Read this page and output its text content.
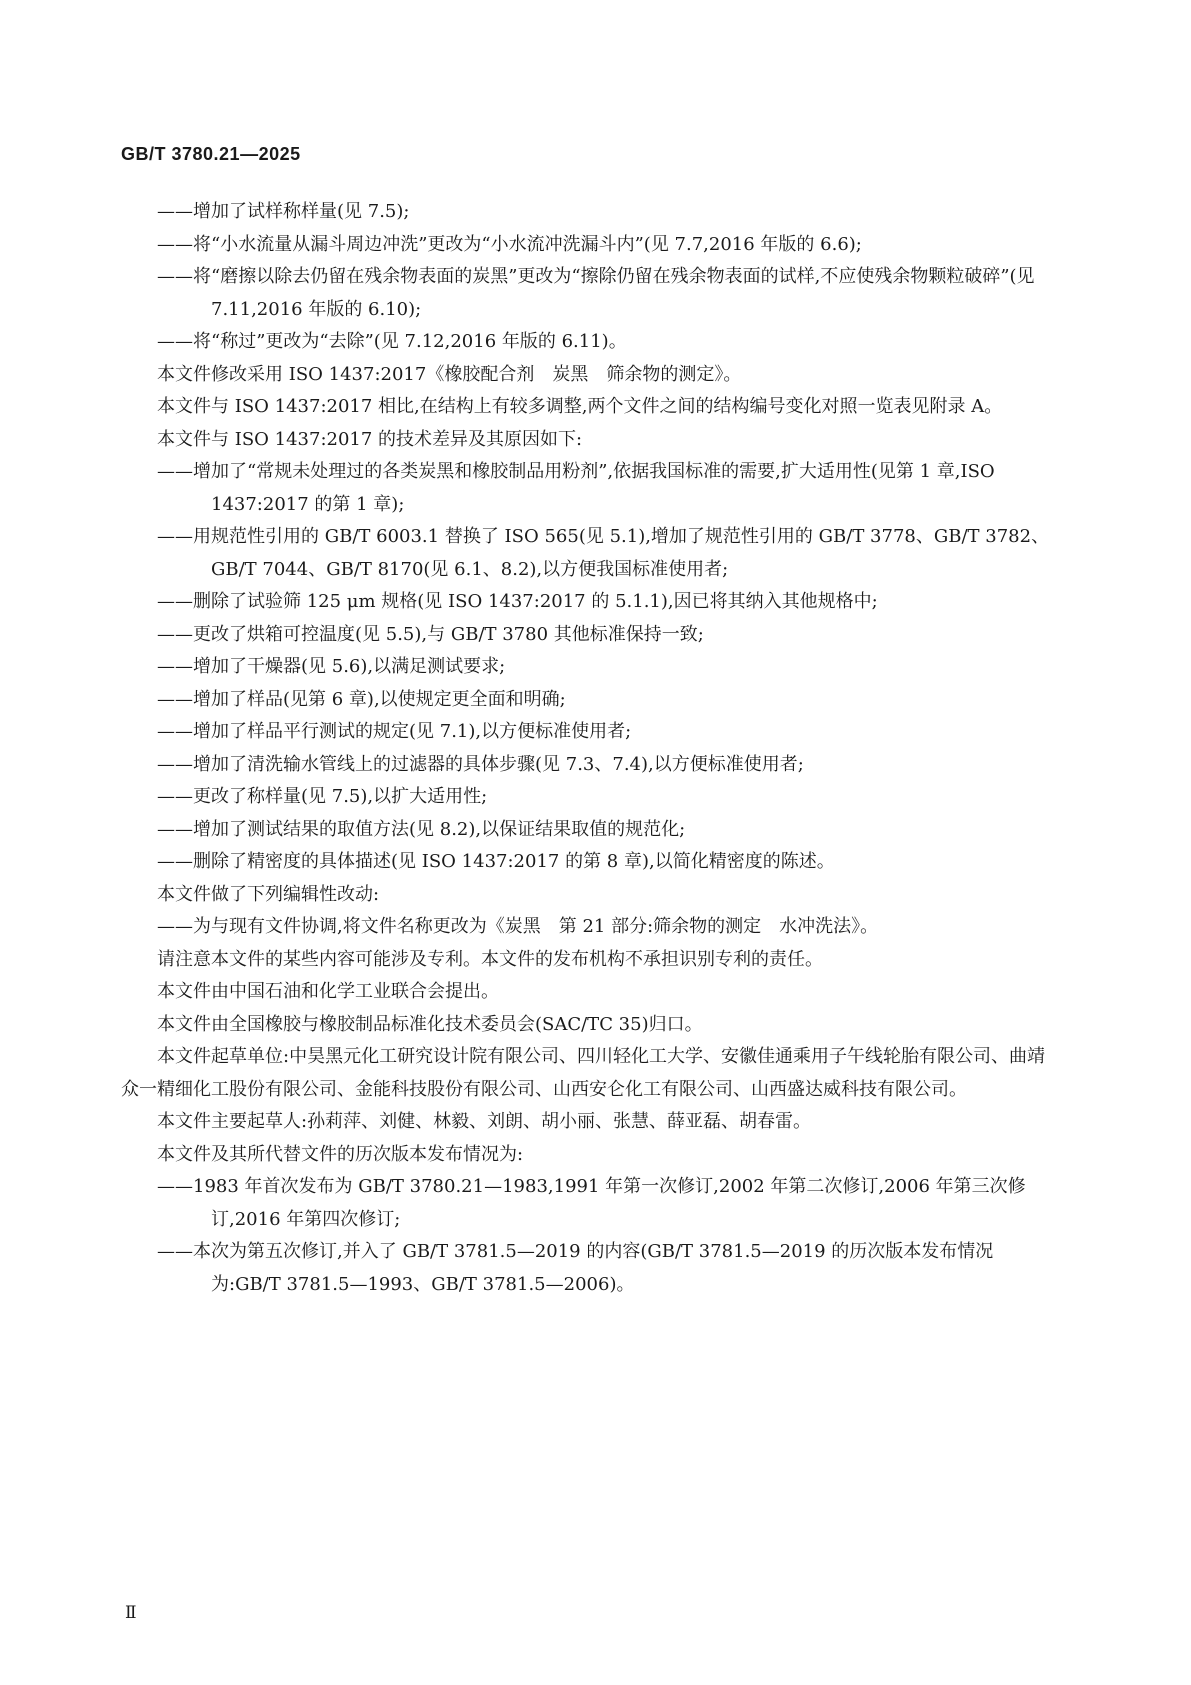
GB/T 3780.21—2025

——增加了试样称样量(见 7.5);

——将“小水流量从漏斗周边冲洗”更改为“小水流冲洗漏斗内”(见 7.7,2016 年版的 6.6);

——将“磨擦以除去仍留在残余物表面的炭黑”更改为“擦除仍留在残余物表面的试样,不应使残余物颗粒破碎”(见 7.11,2016 年版的 6.10);

——将“称过”更改为“去除”(见 7.12,2016 年版的 6.11)。

本文件修改采用 ISO 1437:2017《橡胶配合剂　炭黑　筛余物的测定》。

本文件与 ISO 1437:2017 相比,在结构上有较多调整,两个文件之间的结构编号变化对照一览表见附录 A。

本文件与 ISO 1437:2017 的技术差异及其原因如下:

——增加了“常规未处理过的各类炭黑和橡胶制品用粉剂”,依据我国标准的需要,扩大适用性(见第 1 章,ISO 1437:2017 的第 1 章);

——用规范性引用的 GB/T 6003.1 替换了 ISO 565(见 5.1),增加了规范性引用的 GB/T 3778、GB/T 3782、GB/T 7044、GB/T 8170(见 6.1、8.2),以方便我国标准使用者;

——删除了试验筛 125 μm 规格(见 ISO 1437:2017 的 5.1.1),因已将其纳入其他规格中;

——更改了烘箱可控温度(见 5.5),与 GB/T 3780 其他标准保持一致;

——增加了干燥器(见 5.6),以满足测试要求;

——增加了样品(见第 6 章),以使规定更全面和明确;

——增加了样品平行测试的规定(见 7.1),以方便标准使用者;

——增加了清洗输水管线上的过滤器的具体步骤(见 7.3、7.4),以方便标准使用者;

——更改了称样量(见 7.5),以扩大适用性;

——增加了测试结果的取值方法(见 8.2),以保证结果取值的规范化;

——删除了精密度的具体描述(见 ISO 1437:2017 的第 8 章),以简化精密度的陈述。

本文件做了下列编辑性改动:

——为与现有文件协调,将文件名称更改为《炭黑　第 21 部分:筛余物的测定　水冲洗法》。

请注意本文件的某些内容可能涉及专利。本文件的发布机构不承担识别专利的责任。

本文件由中国石油和化学工业联合会提出。

本文件由全国橡胶与橡胶制品标准化技术委员会(SAC/TC 35)归口。

本文件起草单位:中昊黑元化工研究设计院有限公司、四川轻化工大学、安徽佳通乘用子午线轮胎有限公司、曲靖众一精细化工股份有限公司、金能科技股份有限公司、山西安仑化工有限公司、山西盛达威科技有限公司。

本文件主要起草人:孙莉萍、刘健、林毅、刘朗、胡小丽、张慧、薛亚磊、胡春雷。

本文件及其所代替文件的历次版本发布情况为:

——1983 年首次发布为 GB/T 3780.21—1983,1991 年第一次修订,2002 年第二次修订,2006 年第三次修订,2016 年第四次修订;

——本次为第五次修订,并入了 GB/T 3781.5—2019 的内容(GB/T 3781.5—2019 的历次版本发布情况为:GB/T 3781.5—1993、GB/T 3781.5—2006)。

Ⅱ
